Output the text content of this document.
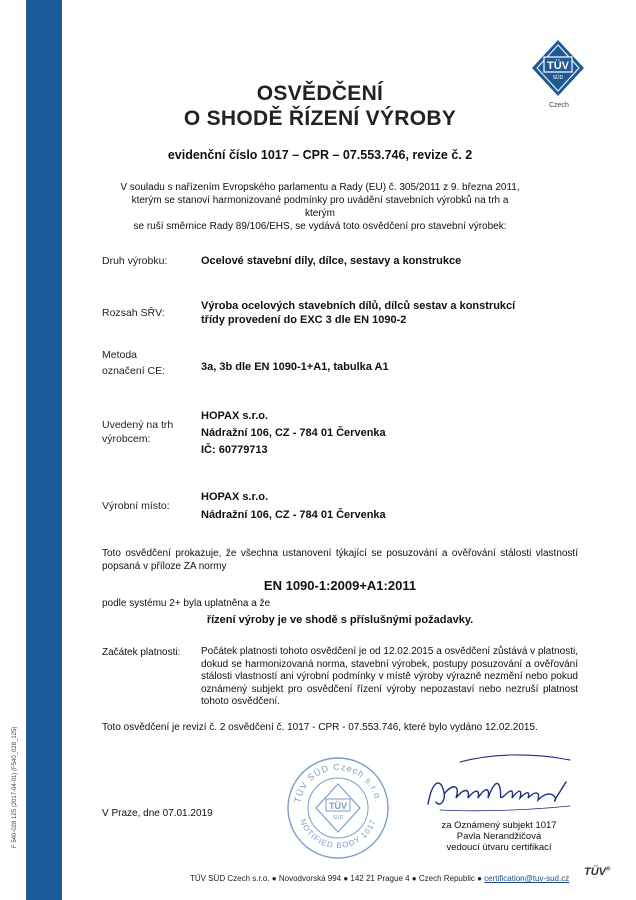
ZERTIFIKAT ◆ CERTIFICATE ◆ 認證證書 ◆ СЕРТИФИКАТ ◆ CERTIFICADO ◆ CERTIFICAT
F 540-028 125 (2017-04-01) (F540_028_125)
TÜV
SÜD
Czech
OSVĚDČENÍ
O SHODĚ ŘÍZENÍ VÝROBY
evidenční číslo 1017 – CPR – 07.553.746, revize č. 2
V souladu s nařízením Evropského parlamentu a Rady (EU) č. 305/2011 z 9. března 2011,
kterým se stanoví harmonizované podmínky pro uvádění stavebních výrobků na trh a kterým
se ruší směrnice Rady 89/106/EHS, se vydává toto osvědčení pro stavební výrobek:
Druh výrobku:	Ocelové stavební díly, dílce, sestavy a konstrukce
Rozsah SŘV:
Výroba ocelových stavebních dílů, dílců sestav a konstrukcí
třídy provedení do EXC 3 dle EN 1090-2
Metoda
označení CE:	3a, 3b dle EN 1090-1+A1, tabulka A1
Uvedený na trh
výrobcem:
HOPAX s.r.o.
Nádražní 106, CZ - 784 01 Červenka
IČ: 60779713
Výrobní místo:
HOPAX s.r.o.
Nádražní 106, CZ - 784 01 Červenka
Toto osvědčení prokazuje, že všechna ustanovení týkající se posuzování a ověřování stálosti vlastností popsaná v příloze ZA normy
EN 1090-1:2009+A1:2011
podle systému 2+ byla uplatněna a že
řízení výroby je ve shodě s příslušnými požadavky.
Začátek platnosti: Počátek platnosti tohoto osvědčení je od 12.02.2015 a osvědčení zůstává v platnosti, dokud se harmonizovaná norma, stavební výrobek, postupy posuzování a ověřování stálosti vlastností ani výrobní podmínky v místě výroby výrazně nezmění nebo pokud oznámený subjekt pro osvědčení řízení výroby nepozastaví nebo nezruší platnost tohoto osvědčení.
Toto osvědčení je revizí č. 2 osvědčení č. 1017 - CPR - 07.553.746, které bylo vydáno 12.02.2015.
TÜV SÜD Czech s.r.o.
NOTIFIED BODY 1017
TÜV
SÜD
V Praze, dne 07.01.2019
za Oznámený subjekt 1017
Pavla Nerandžičová
vedoucí útvaru certifikací
TÜV SÜD Czech s.r.o. ● Novodvorská 994 ● 142 21 Prague 4 ● Czech Republic ● certification@tuv-sud.cz
TÜV®
